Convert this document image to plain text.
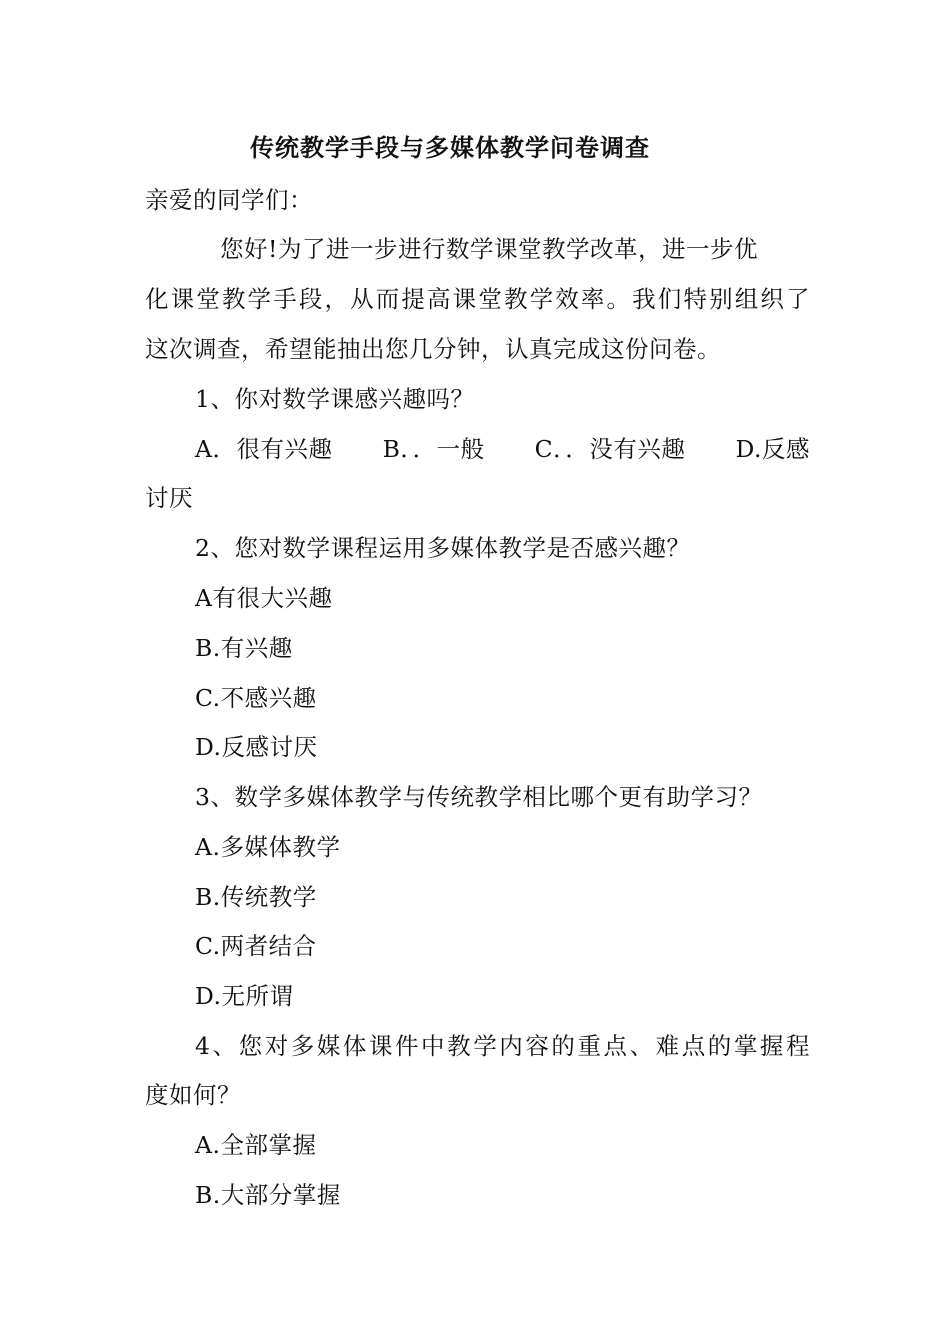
传统教学手段与多媒体教学问卷调查
亲爱的同学们：
您好!为了进一步进行数学课堂教学改革，进一步优
化课堂教学手段，从而提高课堂教学效率。我们特别组织了
这次调查，希望能抽出您几分钟，认真完成这份问卷。
1、你对数学课感兴趣吗？
A．很有兴趣 B．．一般 C．．没有兴趣 D.反感
讨厌
2、您对数学课程运用多媒体教学是否感兴趣？
A有很大兴趣
B.有兴趣
C.不感兴趣
D.反感讨厌
3、数学多媒体教学与传统教学相比哪个更有助学习？
A.多媒体教学
B.传统教学
C.两者结合
D.无所谓
4、您对多媒体课件中教学内容的重点、难点的掌握程
度如何？
A.全部掌握
B.大部分掌握
